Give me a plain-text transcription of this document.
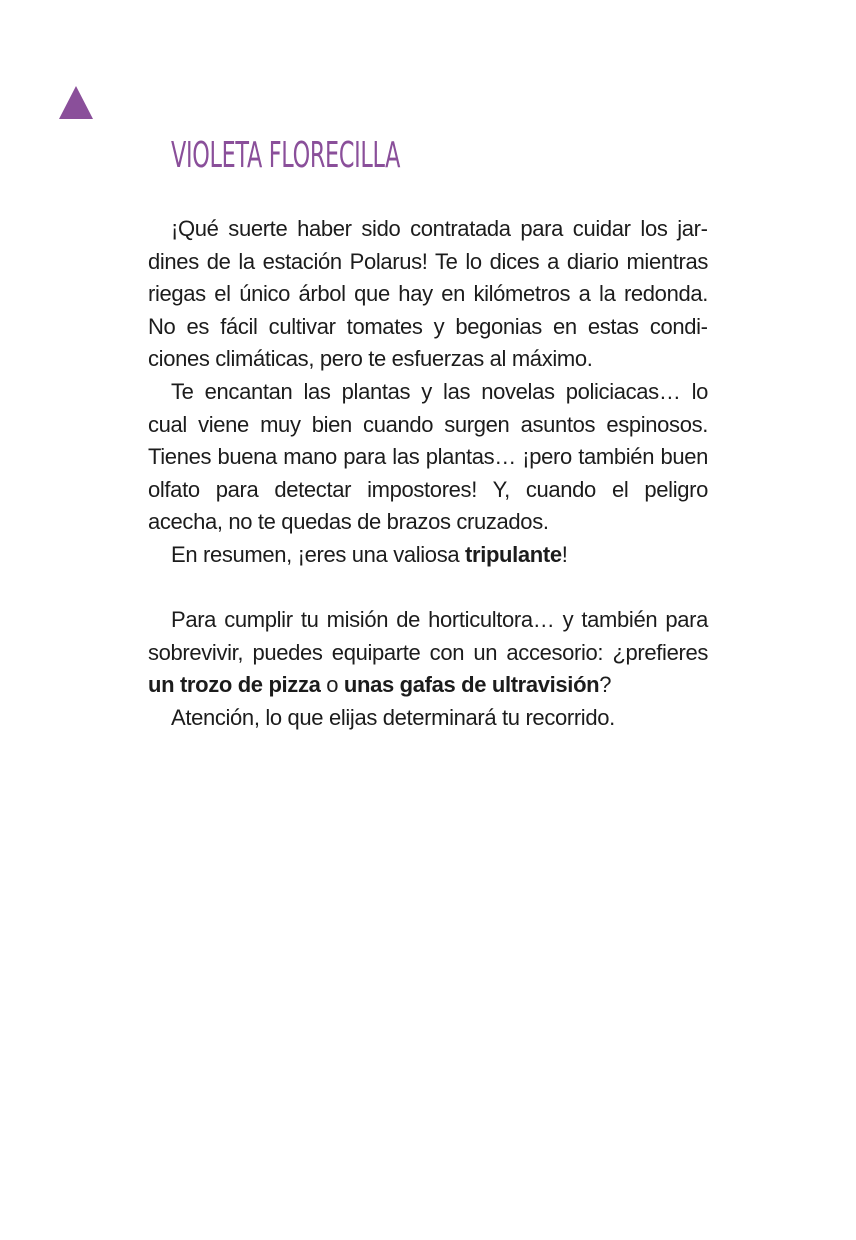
VIOLETA FLORECILLA

¡Qué suerte haber sido contratada para cuidar los jardines de la estación Polarus! Te lo dices a diario mientras riegas el único árbol que hay en kilómetros a la redonda. No es fácil cultivar tomates y begonias en estas condiciones climáticas, pero te esfuerzas al máximo.

Te encantan las plantas y las novelas policiacas… lo cual viene muy bien cuando surgen asuntos espinosos. Tienes buena mano para las plantas… ¡pero también buen olfato para detectar impostores! Y, cuando el peligro acecha, no te quedas de brazos cruzados.

En resumen, ¡eres una valiosa tripulante!

Para cumplir tu misión de horticultora… y también para sobrevivir, puedes equiparte con un accesorio: ¿prefieres un trozo de pizza o unas gafas de ultravisión?

Atención, lo que elijas determinará tu recorrido.
